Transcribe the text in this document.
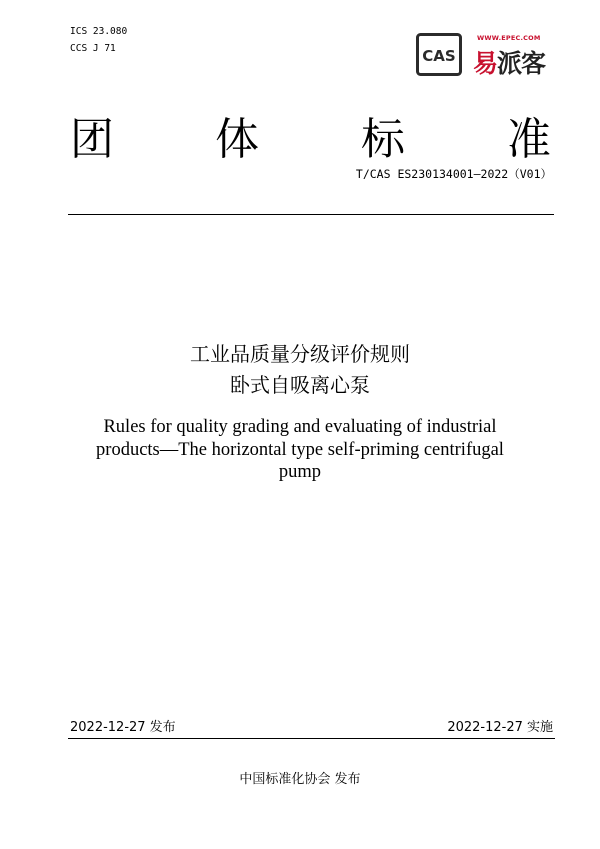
ICS 23.080
CCS J 71	CAS
WWW.EPEC.COM
易派客
团 体 标 准
T/CAS ES230134001—2022（V01）
工业品质量分级评价规则
卧式自吸离心泵
Rules for quality grading and evaluating of industrial
products—The horizontal type self-priming centrifugal
pump
2022-12-27 发布	2022-12-27 实施
中国标准化协会 发布
